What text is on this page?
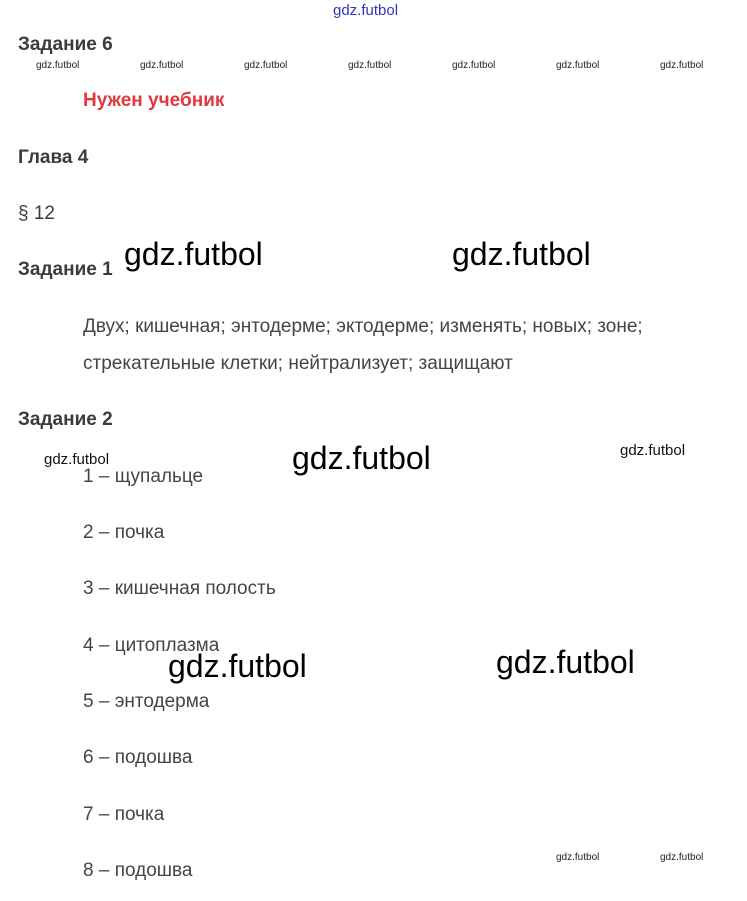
gdz.futbol
Задание 6
gdz.futbol	gdz.futbol	gdz.futbol	gdz.futbol	gdz.futbol	gdz.futbol	gdz.futbol
Нужен учебник
Глава 4
§ 12
Задание 1 gdz.futbol	gdz.futbol
Двух; кишечная; энтодерме; эктодерме; изменять; новых; зоне;
стрекательные клетки; нейтрализует; защищают
Задание 2
gdz.futbol	gdz.futbol	gdz.futbol
1 – щупальце
2 – почка
3 – кишечная полость
4 – цитоплазма
gdz.futbol	gdz.futbol
5 – энтодерма
6 – подошва
7 – почка
gdz.futbol	gdz.futbol
8 – подошва
